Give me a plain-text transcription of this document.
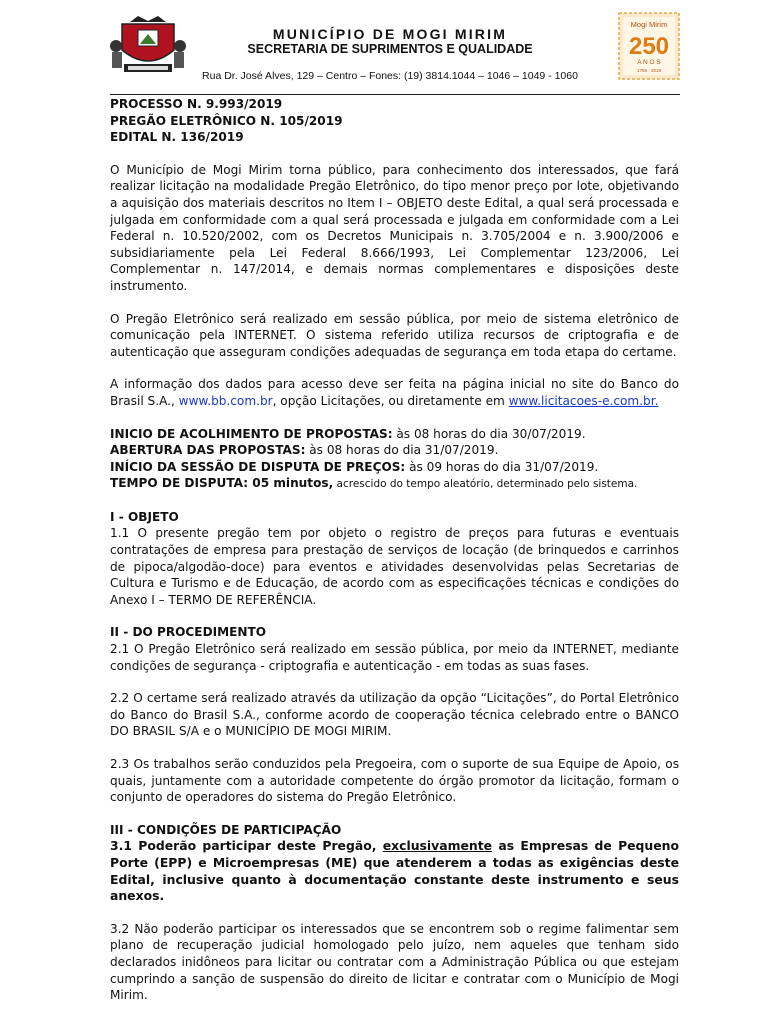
MUNICÍPIO DE MOGI MIRIM
SECRETARIA DE SUPRIMENTOS E QUALIDADE
Rua Dr. José Alves, 129 – Centro – Fones: (19) 3814.1044 – 1046 – 1049 - 1060
Mogi Mirim
250
A N O S
1769 · 2019

PROCESSO N. 9.993/2019

PREGÃO ELETRÔNICO N. 105/2019

EDITAL N. 136/2019

O Município de Mogi Mirim torna público, para conhecimento dos interessados, que fará realizar licitação na modalidade Pregão Eletrônico, do tipo menor preço por lote, objetivando a aquisição dos materiais descritos no Item I – OBJETO deste Edital, a qual será processada e julgada em conformidade com a qual será processada e julgada em conformidade com a Lei Federal n. 10.520/2002, com os Decretos Municipais n. 3.705/2004 e n. 3.900/2006 e subsidiariamente pela Lei Federal 8.666/1993, Lei Complementar 123/2006, Lei Complementar n. 147/2014, e demais normas complementares e disposições deste instrumento.

O Pregão Eletrônico será realizado em sessão pública, por meio de sistema eletrônico de comunicação pela INTERNET. O sistema referido utiliza recursos de criptografia e de autenticação que asseguram condições adequadas de segurança em toda etapa do certame.

A informação dos dados para acesso deve ser feita na página inicial no site do Banco do Brasil S.A., www.bb.com.br, opção Licitações, ou diretamente em www.licitacoes-e.com.br.

INICIO DE ACOLHIMENTO DE PROPOSTAS: às 08 horas do dia 30/07/2019.

ABERTURA DAS PROPOSTAS: às 08 horas do dia 31/07/2019.

INÍCIO DA SESSÃO DE DISPUTA DE PREÇOS: às 09 horas do dia 31/07/2019.

TEMPO DE DISPUTA: 05 minutos, acrescido do tempo aleatório, determinado pelo sistema.

I - OBJETO

1.1 O presente pregão tem por objeto o registro de preços para futuras e eventuais contratações de empresa para prestação de serviços de locação (de brinquedos e carrinhos de pipoca/algodão-doce) para eventos e atividades desenvolvidas pelas Secretarias de Cultura e Turismo e de Educação, de acordo com as especificações técnicas e condições do Anexo I – TERMO DE REFERÊNCIA.

II - DO PROCEDIMENTO

2.1 O Pregão Eletrônico será realizado em sessão pública, por meio da INTERNET, mediante condições de segurança - criptografia e autenticação - em todas as suas fases.

2.2 O certame será realizado através da utilização da opção “Licitações”, do Portal Eletrônico do Banco do Brasil S.A., conforme acordo de cooperação técnica celebrado entre o BANCO DO BRASIL S/A e o MUNICÍPIO DE MOGI MIRIM.

2.3 Os trabalhos serão conduzidos pela Pregoeira, com o suporte de sua Equipe de Apoio, os quais, juntamente com a autoridade competente do órgão promotor da licitação, formam o conjunto de operadores do sistema do Pregão Eletrônico.

III - CONDIÇÕES DE PARTICIPAÇÃO

3.1 Poderão participar deste Pregão, exclusivamente as Empresas de Pequeno Porte (EPP) e Microempresas (ME) que atenderem a todas as exigências deste Edital, inclusive quanto à documentação constante deste instrumento e seus anexos.

3.2 Não poderão participar os interessados que se encontrem sob o regime falimentar sem plano de recuperação judicial homologado pelo juízo, nem aqueles que tenham sido declarados inidôneos para licitar ou contratar com a Administração Pública ou que estejam cumprindo a sanção de suspensão do direito de licitar e contratar com o Município de Mogi Mirim.
